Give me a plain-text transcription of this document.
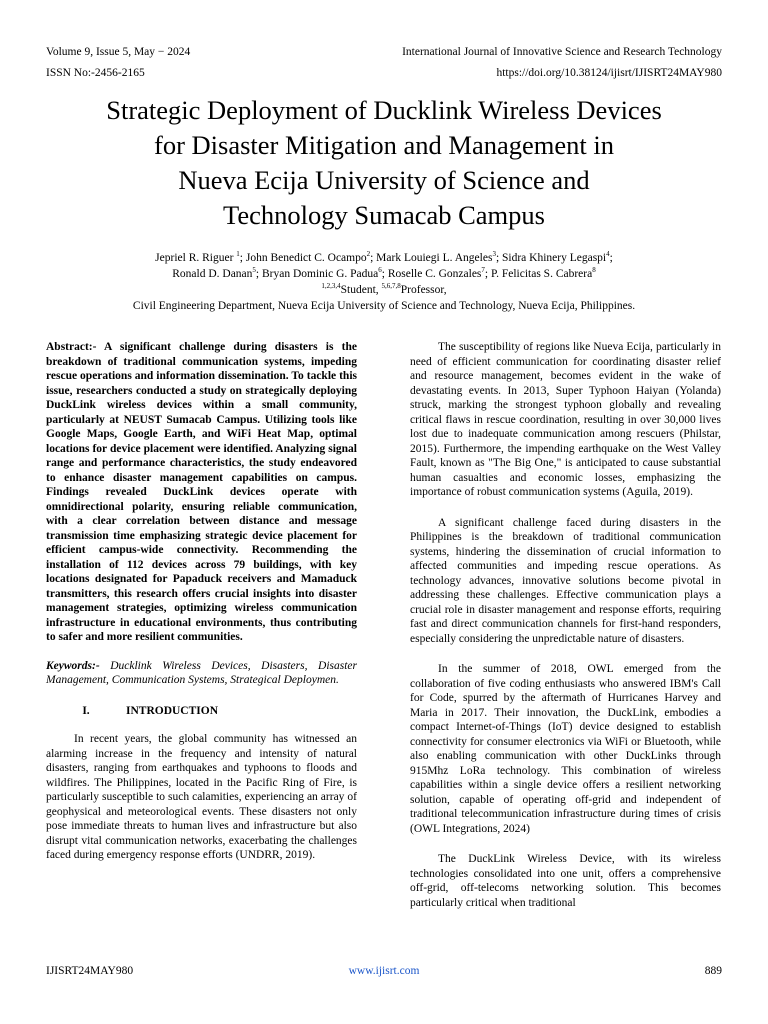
Volume 9, Issue 5, May − 2024	International Journal of Innovative Science and Research Technology
ISSN No:-2456-2165	https://doi.org/10.38124/ijisrt/IJISRT24MAY980
Strategic Deployment of Ducklink Wireless Devices
for Disaster Mitigation and Management in
Nueva Ecija University of Science and
Technology Sumacab Campus
Jepriel R. Riguer $^1$; John Benedict C. Ocampo$^2$; Mark Louiegi L. Angeles$^3$; Sidra Khinery Legaspi$^4$;
Ronald D. Danan$^5$; Bryan Dominic G. Padua$^6$; Roselle C. Gonzales$^7$; P. Felicitas S. Cabrera$^8$
$^{1,2,3,4}$Student, $^{5,6,7,8}$Professor,
Civil Engineering Department, Nueva Ecija University of Science and Technology, Nueva Ecija, Philippines.

Abstract:- A significant challenge during disasters is the breakdown of traditional communication systems, impeding rescue operations and information dissemination. To tackle this issue, researchers conducted a study on strategically deploying DuckLink wireless devices within a small community, particularly at NEUST Sumacab Campus. Utilizing tools like Google Maps, Google Earth, and WiFi Heat Map, optimal locations for device placement were identified. Analyzing signal range and performance characteristics, the study endeavored to enhance disaster management capabilities on campus. Findings revealed DuckLink devices operate with omnidirectional polarity, ensuring reliable communication, with a clear correlation between distance and message transmission time emphasizing strategic device placement for efficient campus-wide connectivity. Recommending the installation of 112 devices across 79 buildings, with key locations designated for Papaduck receivers and Mamaduck transmitters, this research offers crucial insights into disaster management strategies, optimizing wireless communication infrastructure in educational environments, thus contributing to safer and more resilient communities.

Keywords:- Ducklink Wireless Devices, Disasters, Disaster Management, Communication Systems, Strategical Deploymen.

I.	INTRODUCTION

In recent years, the global community has witnessed an alarming increase in the frequency and intensity of natural disasters, ranging from earthquakes and typhoons to floods and wildfires. The Philippines, located in the Pacific Ring of Fire, is particularly susceptible to such calamities, experiencing an array of geophysical and meteorological events. These disasters not only pose immediate threats to human lives and infrastructure but also disrupt vital communication networks, exacerbating the challenges faced during emergency response efforts (UNDRR, 2019).

The susceptibility of regions like Nueva Ecija, particularly in need of efficient communication for coordinating disaster relief and resource management, becomes evident in the wake of devastating events. In 2013, Super Typhoon Haiyan (Yolanda) struck, marking the strongest typhoon globally and revealing critical flaws in rescue coordination, resulting in over 30,000 lives lost due to inadequate communication among rescuers (Philstar, 2015). Furthermore, the impending earthquake on the West Valley Fault, known as "The Big One," is anticipated to cause substantial human casualties and economic losses, emphasizing the importance of robust communication systems (Aguila, 2019).

A significant challenge faced during disasters in the Philippines is the breakdown of traditional communication systems, hindering the dissemination of crucial information to affected communities and impeding rescue operations. As technology advances, innovative solutions become pivotal in addressing these challenges. Effective communication plays a crucial role in disaster management and response efforts, requiring fast and direct communication channels for first-hand responders, especially considering the unpredictable nature of disasters.

In the summer of 2018, OWL emerged from the collaboration of five coding enthusiasts who answered IBM's Call for Code, spurred by the aftermath of Hurricanes Harvey and Maria in 2017. Their innovation, the DuckLink, embodies a compact Internet-of-Things (IoT) device designed to establish connectivity for consumer electronics via WiFi or Bluetooth, while also enabling communication with other DuckLinks through 915Mhz LoRa technology. This combination of wireless capabilities within a single device offers a resilient networking solution, capable of operating off-grid and independent of traditional telecommunication infrastructure during times of crisis (OWL Integrations, 2024)

The DuckLink Wireless Device, with its wireless technologies consolidated into one unit, offers a comprehensive off-grid, off-telecoms networking solution. This becomes particularly critical when traditional

IJISRT24MAY980	www.ijisrt.com	889
